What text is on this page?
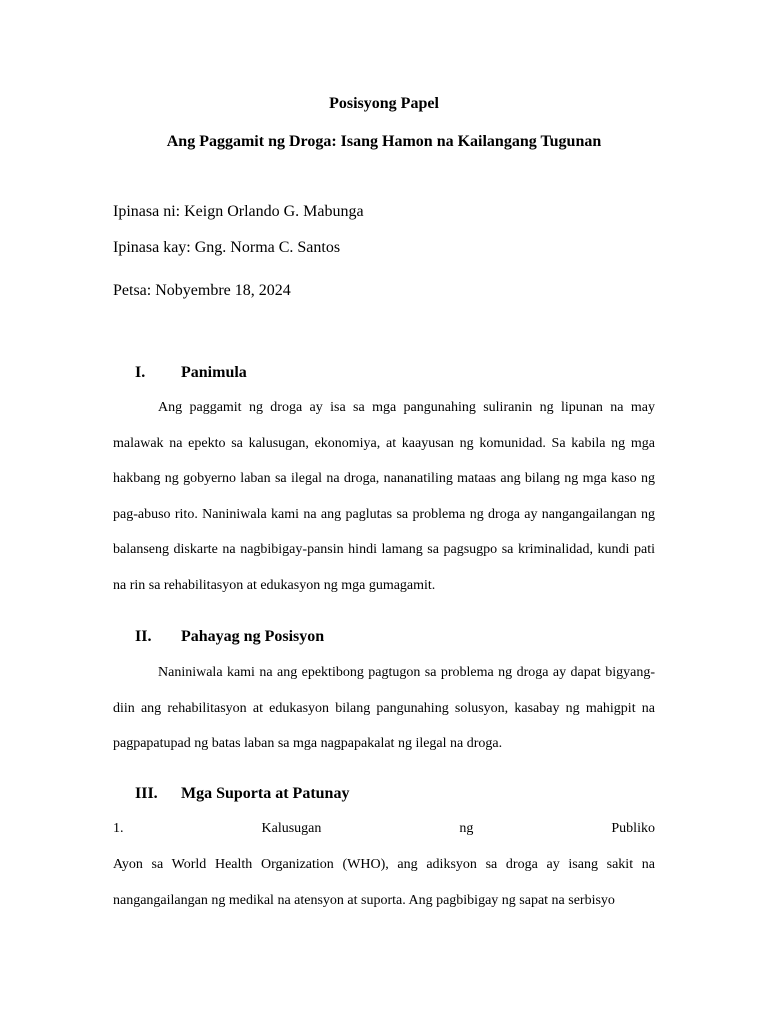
Posisyong Papel
Ang Paggamit ng Droga: Isang Hamon na Kailangang Tugunan
Ipinasa ni: Keign Orlando G. Mabunga
Ipinasa kay: Gng. Norma C. Santos
Petsa: Nobyembre 18, 2024
I. Panimula

Ang paggamit ng droga ay isa sa mga pangunahing suliranin ng lipunan na may malawak na epekto sa kalusugan, ekonomiya, at kaayusan ng komunidad. Sa kabila ng mga hakbang ng gobyerno laban sa ilegal na droga, nananatiling mataas ang bilang ng mga kaso ng pag-abuso rito. Naniniwala kami na ang paglutas sa problema ng droga ay nangangailangan ng balanseng diskarte na nagbibigay-pansin hindi lamang sa pagsugpo sa kriminalidad, kundi pati na rin sa rehabilitasyon at edukasyon ng mga gumagamit.

II. Pahayag ng Posisyon

Naniniwala kami na ang epektibong pagtugon sa problema ng droga ay dapat bigyang-diin ang rehabilitasyon at edukasyon bilang pangunahing solusyon, kasabay ng mahigpit na pagpapatupad ng batas laban sa mga nagpapakalat ng ilegal na droga.

III. Mga Suporta at Patunay
1.	Kalusugan	ng	Publiko

Ayon sa World Health Organization (WHO), ang adiksyon sa droga ay isang sakit na nangangailangan ng medikal na atensyon at suporta. Ang pagbibigay ng sapat na serbisyo
